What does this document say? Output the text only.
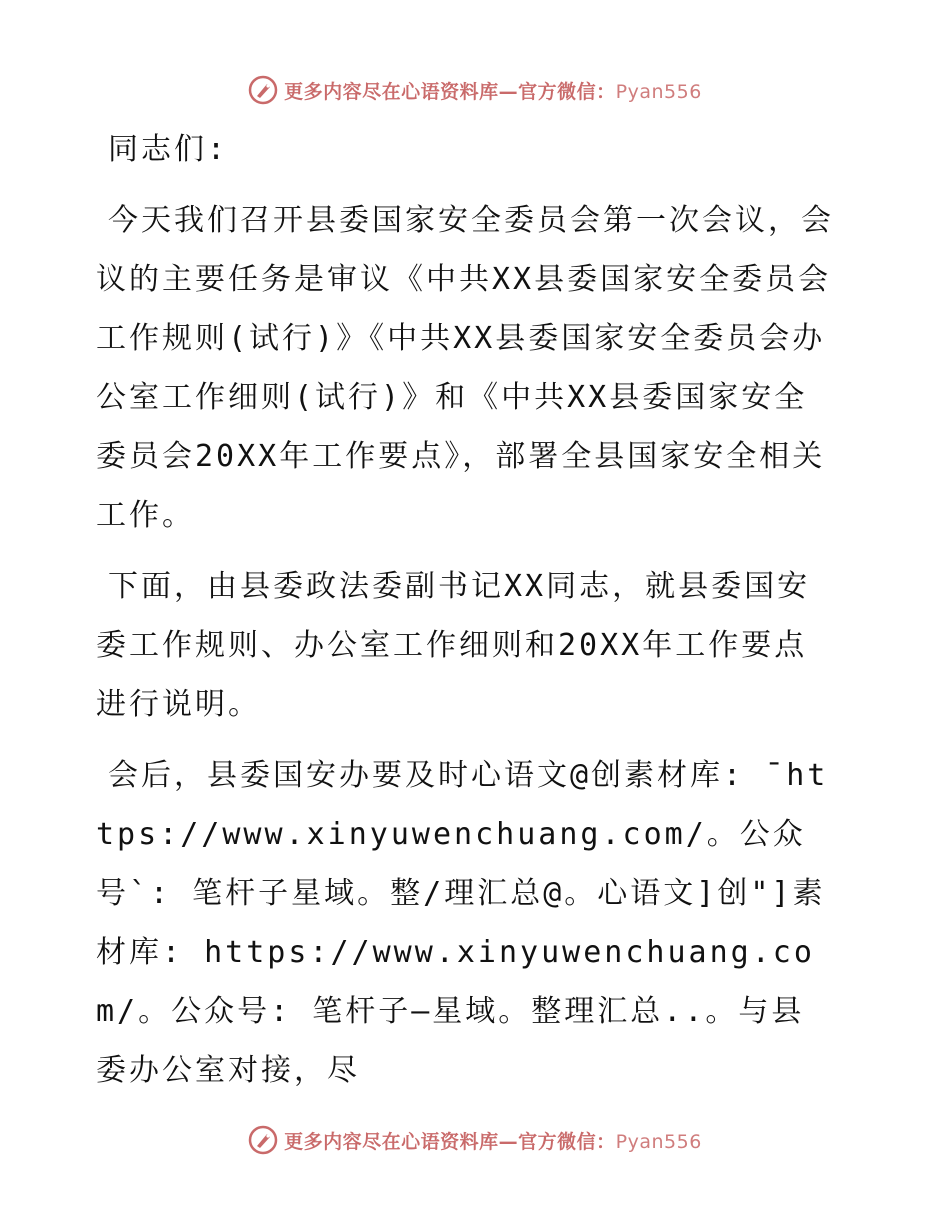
更多内容尽在心语资料库—官方微信：Pyan556

同志们:

今天我们召开县委国家安全委员会第一次会议，会议的主要任务是审议《中共XX县委国家安全委员会工作规则(试行)》《中共XX县委国家安全委员会办公室工作细则(试行)》和《中共XX县委国家安全委员会20XX年工作要点》，部署全县国家安全相关工作。

下面，由县委政法委副书记XX同志，就县委国安委工作规则、办公室工作细则和20XX年工作要点进行说明。

会后，县委国安办要及时心语文@创素材库: ¯https://www.xinyuwenchuang.com/。公众号`: 笔杆子星域。整/理汇总@。心语文]创"]素材库: https://www.xinyuwenchuang.com/。公众号: 笔杆子—星域。整理汇总..。与县委办公室对接，尽

更多内容尽在心语资料库—官方微信：Pyan556
